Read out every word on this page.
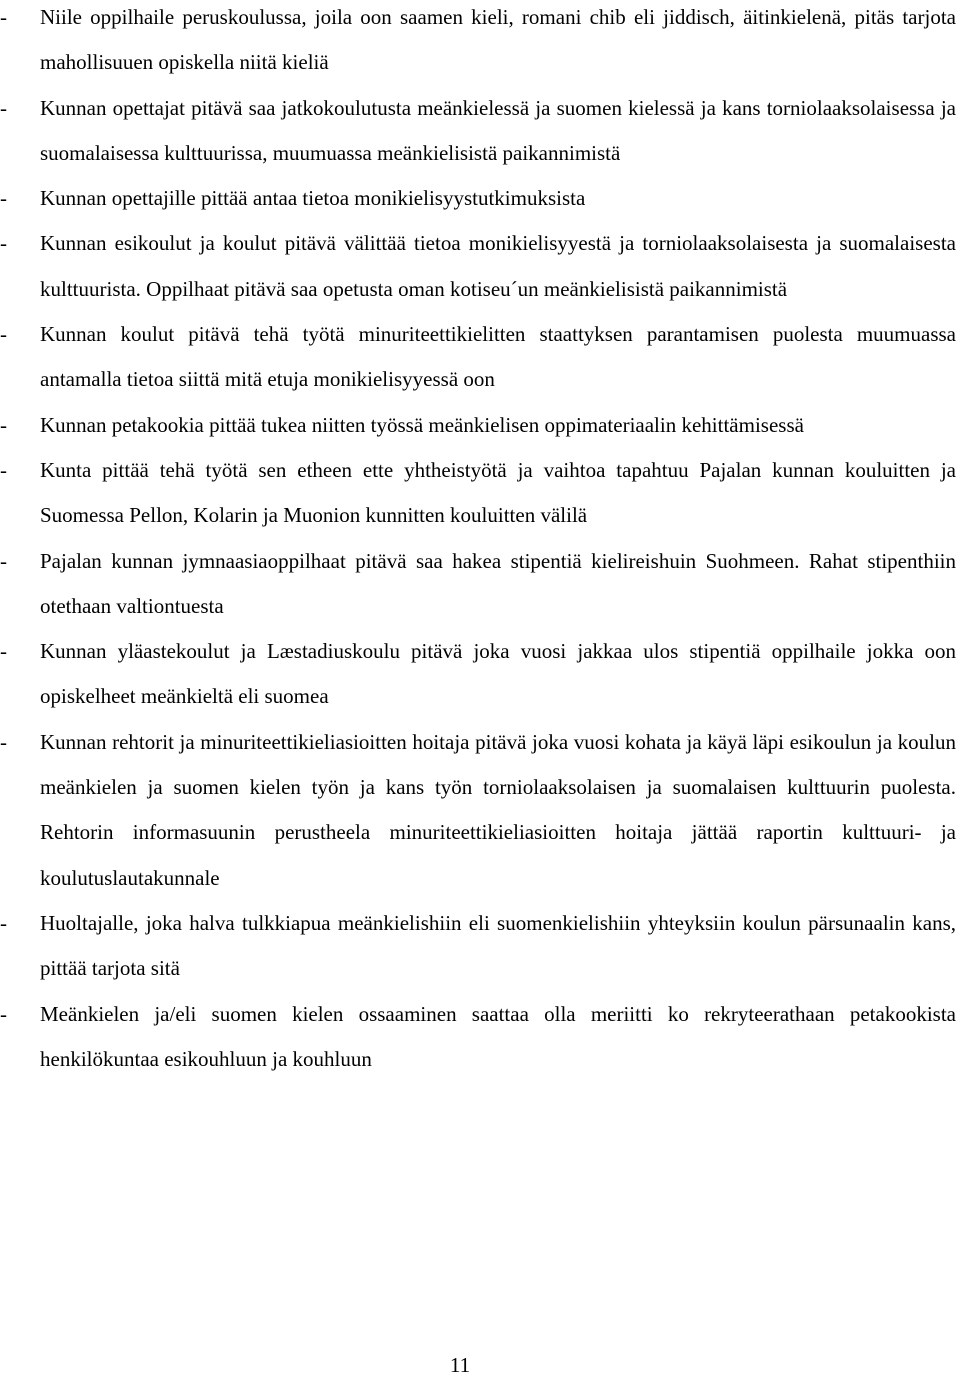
- Niile oppilhaile peruskoulussa, joila oon saamen kieli, romani chib eli jiddisch, äitinkielenä, pitäs tarjota mahollisuuen opiskella niitä kieliä
- Kunnan opettajat pitävä saa jatkokoulutusta meänkielessä ja suomen kielessä ja kans torniolaaksolaisessa ja suomalaisessa kulttuurissa, muumuassa meänkielisistä paikannimistä
- Kunnan opettajille pittää antaa tietoa monikielisyystutkimuksista
- Kunnan esikoulut ja koulut pitävä välittää tietoa monikielisyyestä ja torniolaaksolaisesta ja suomalaisesta kulttuurista. Oppilhaat pitävä saa opetusta oman kotiseu´un meänkielisistä paikannimistä
- Kunnan koulut pitävä tehä työtä minuriteettikielitten staattyksen parantamisen puolesta muumuassa antamalla tietoa siittä mitä etuja monikielisyyessä oon
- Kunnan petakookia pittää tukea niitten työssä meänkielisen oppimateriaalin kehittämisessä
- Kunta pittää tehä työtä sen etheen ette yhtheistyötä ja vaihtoa tapahtuu Pajalan kunnan kouluitten ja Suomessa Pellon, Kolarin ja Muonion kunnitten kouluitten välilä
- Pajalan kunnan jymnaasiaoppilhaat pitävä saa hakea stipentiä kielireishuin Suohmeen. Rahat stipenthiin otethaan valtiontuesta
- Kunnan yläastekoulut ja Læstadiuskoulu pitävä joka vuosi jakkaa ulos stipentiä oppilhaile jokka oon opiskelheet meänkieltä eli suomea
- Kunnan rehtorit ja minuriteettikieliasioitten hoitaja pitävä joka vuosi kohata ja käyä läpi esikoulun ja koulun meänkielen ja suomen kielen työn ja kans työn torniolaaksolaisen ja suomalaisen kulttuurin puolesta. Rehtorin informasuunin perustheela minuriteettikieliasioitten hoitaja jättää raportin kulttuuri- ja koulutuslautakunnale
- Huoltajalle, joka halva tulkkiapua meänkielishiin eli suomenkielishiin yhteyksiin koulun pärsunaalin kans, pittää tarjota sitä
- Meänkielen ja/eli suomen kielen ossaaminen saattaa olla meriitti ko rekryteerathaan petakookista henkilökuntaa esikouhluun ja kouhluun
11
